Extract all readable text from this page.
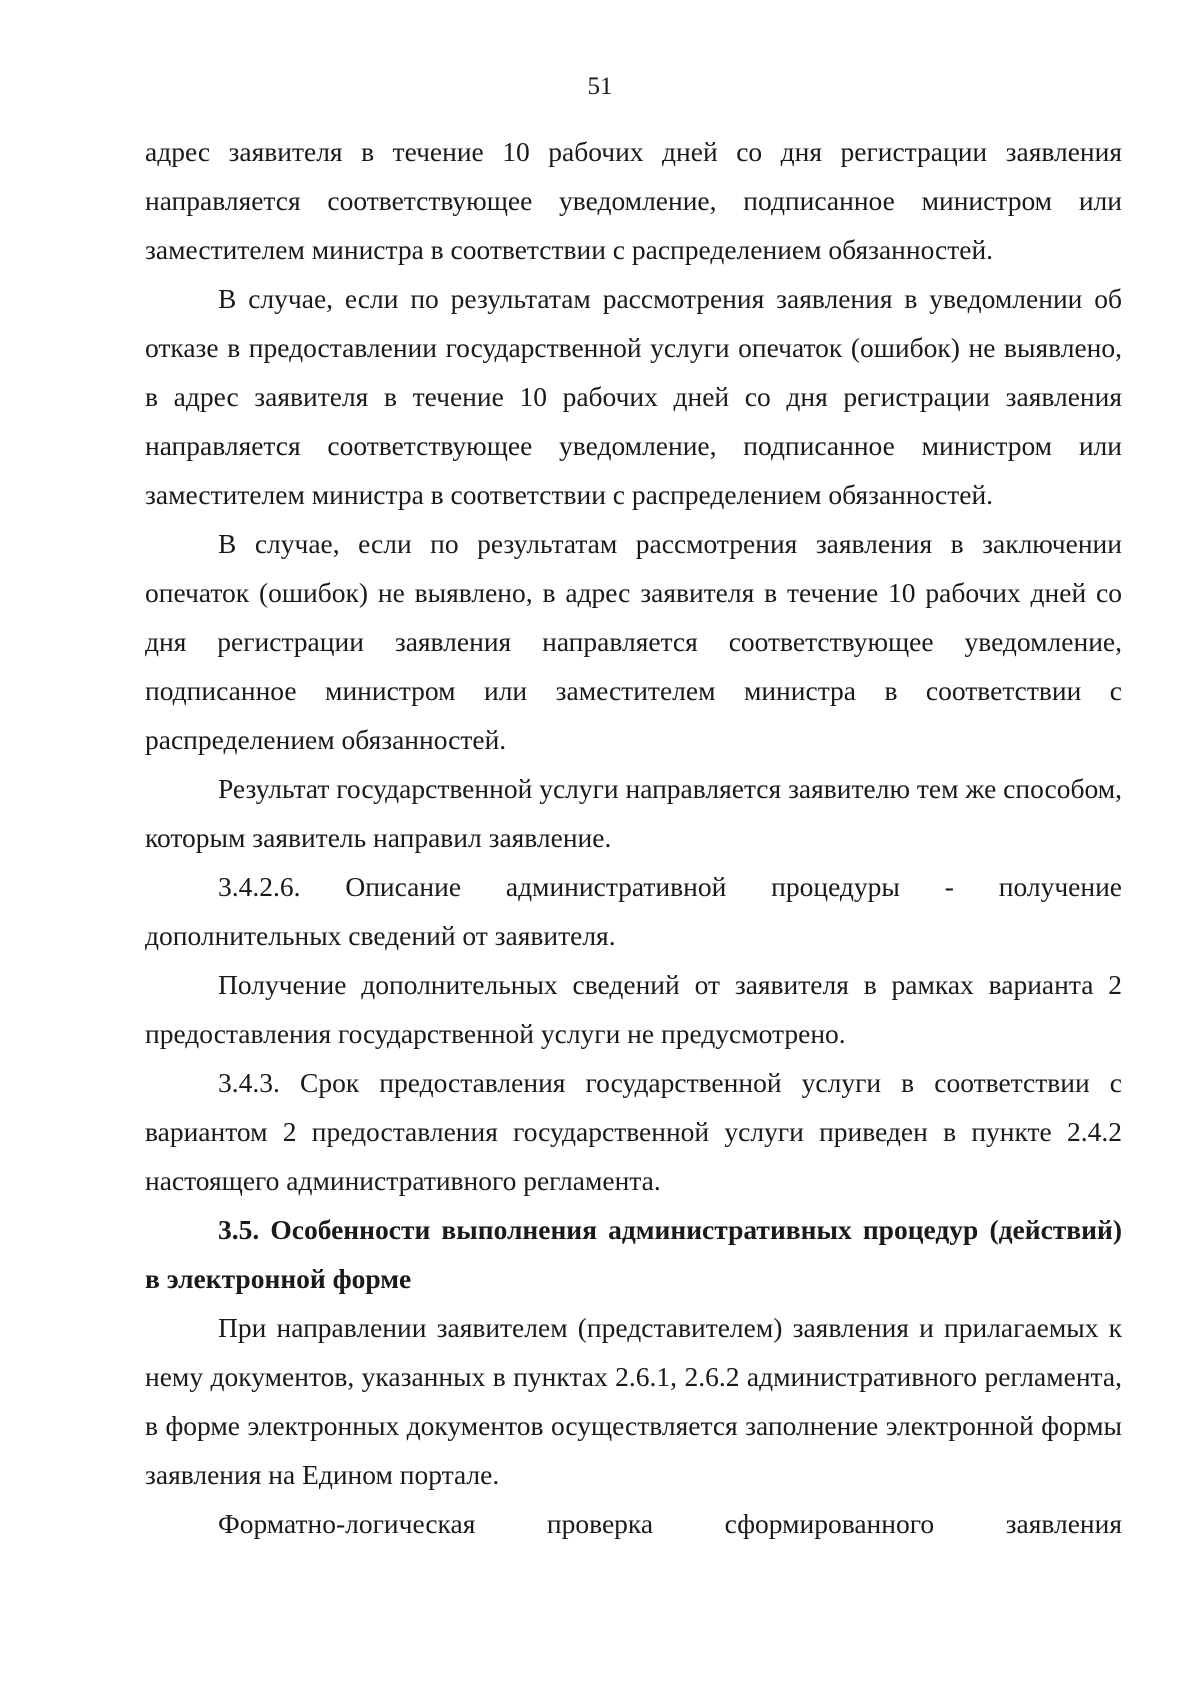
51

адрес заявителя в течение 10 рабочих дней со дня регистрации заявления направляется соответствующее уведомление, подписанное министром или заместителем министра в соответствии с распределением обязанностей.

В случае, если по результатам рассмотрения заявления в уведомлении об отказе в предоставлении государственной услуги опечаток (ошибок) не выявлено, в адрес заявителя в течение 10 рабочих дней со дня регистрации заявления направляется соответствующее уведомление, подписанное министром или заместителем министра в соответствии с распределением обязанностей.

В случае, если по результатам рассмотрения заявления в заключении опечаток (ошибок) не выявлено, в адрес заявителя в течение 10 рабочих дней со дня регистрации заявления направляется соответствующее уведомление, подписанное министром или заместителем министра в соответствии с распределением обязанностей.

Результат государственной услуги направляется заявителю тем же способом, которым заявитель направил заявление.

3.4.2.6. Описание административной процедуры - получение дополнительных сведений от заявителя.

Получение дополнительных сведений от заявителя в рамках варианта 2 предоставления государственной услуги не предусмотрено.

3.4.3. Срок предоставления государственной услуги в соответствии с вариантом 2 предоставления государственной услуги приведен в пункте 2.4.2 настоящего административного регламента.

3.5. Особенности выполнения административных процедур (действий) в электронной форме

При направлении заявителем (представителем) заявления и прилагаемых к нему документов, указанных в пунктах 2.6.1, 2.6.2 административного регламента, в форме электронных документов осуществляется заполнение электронной формы заявления на Едином портале.

Форматно-логическая проверка сформированного заявления
